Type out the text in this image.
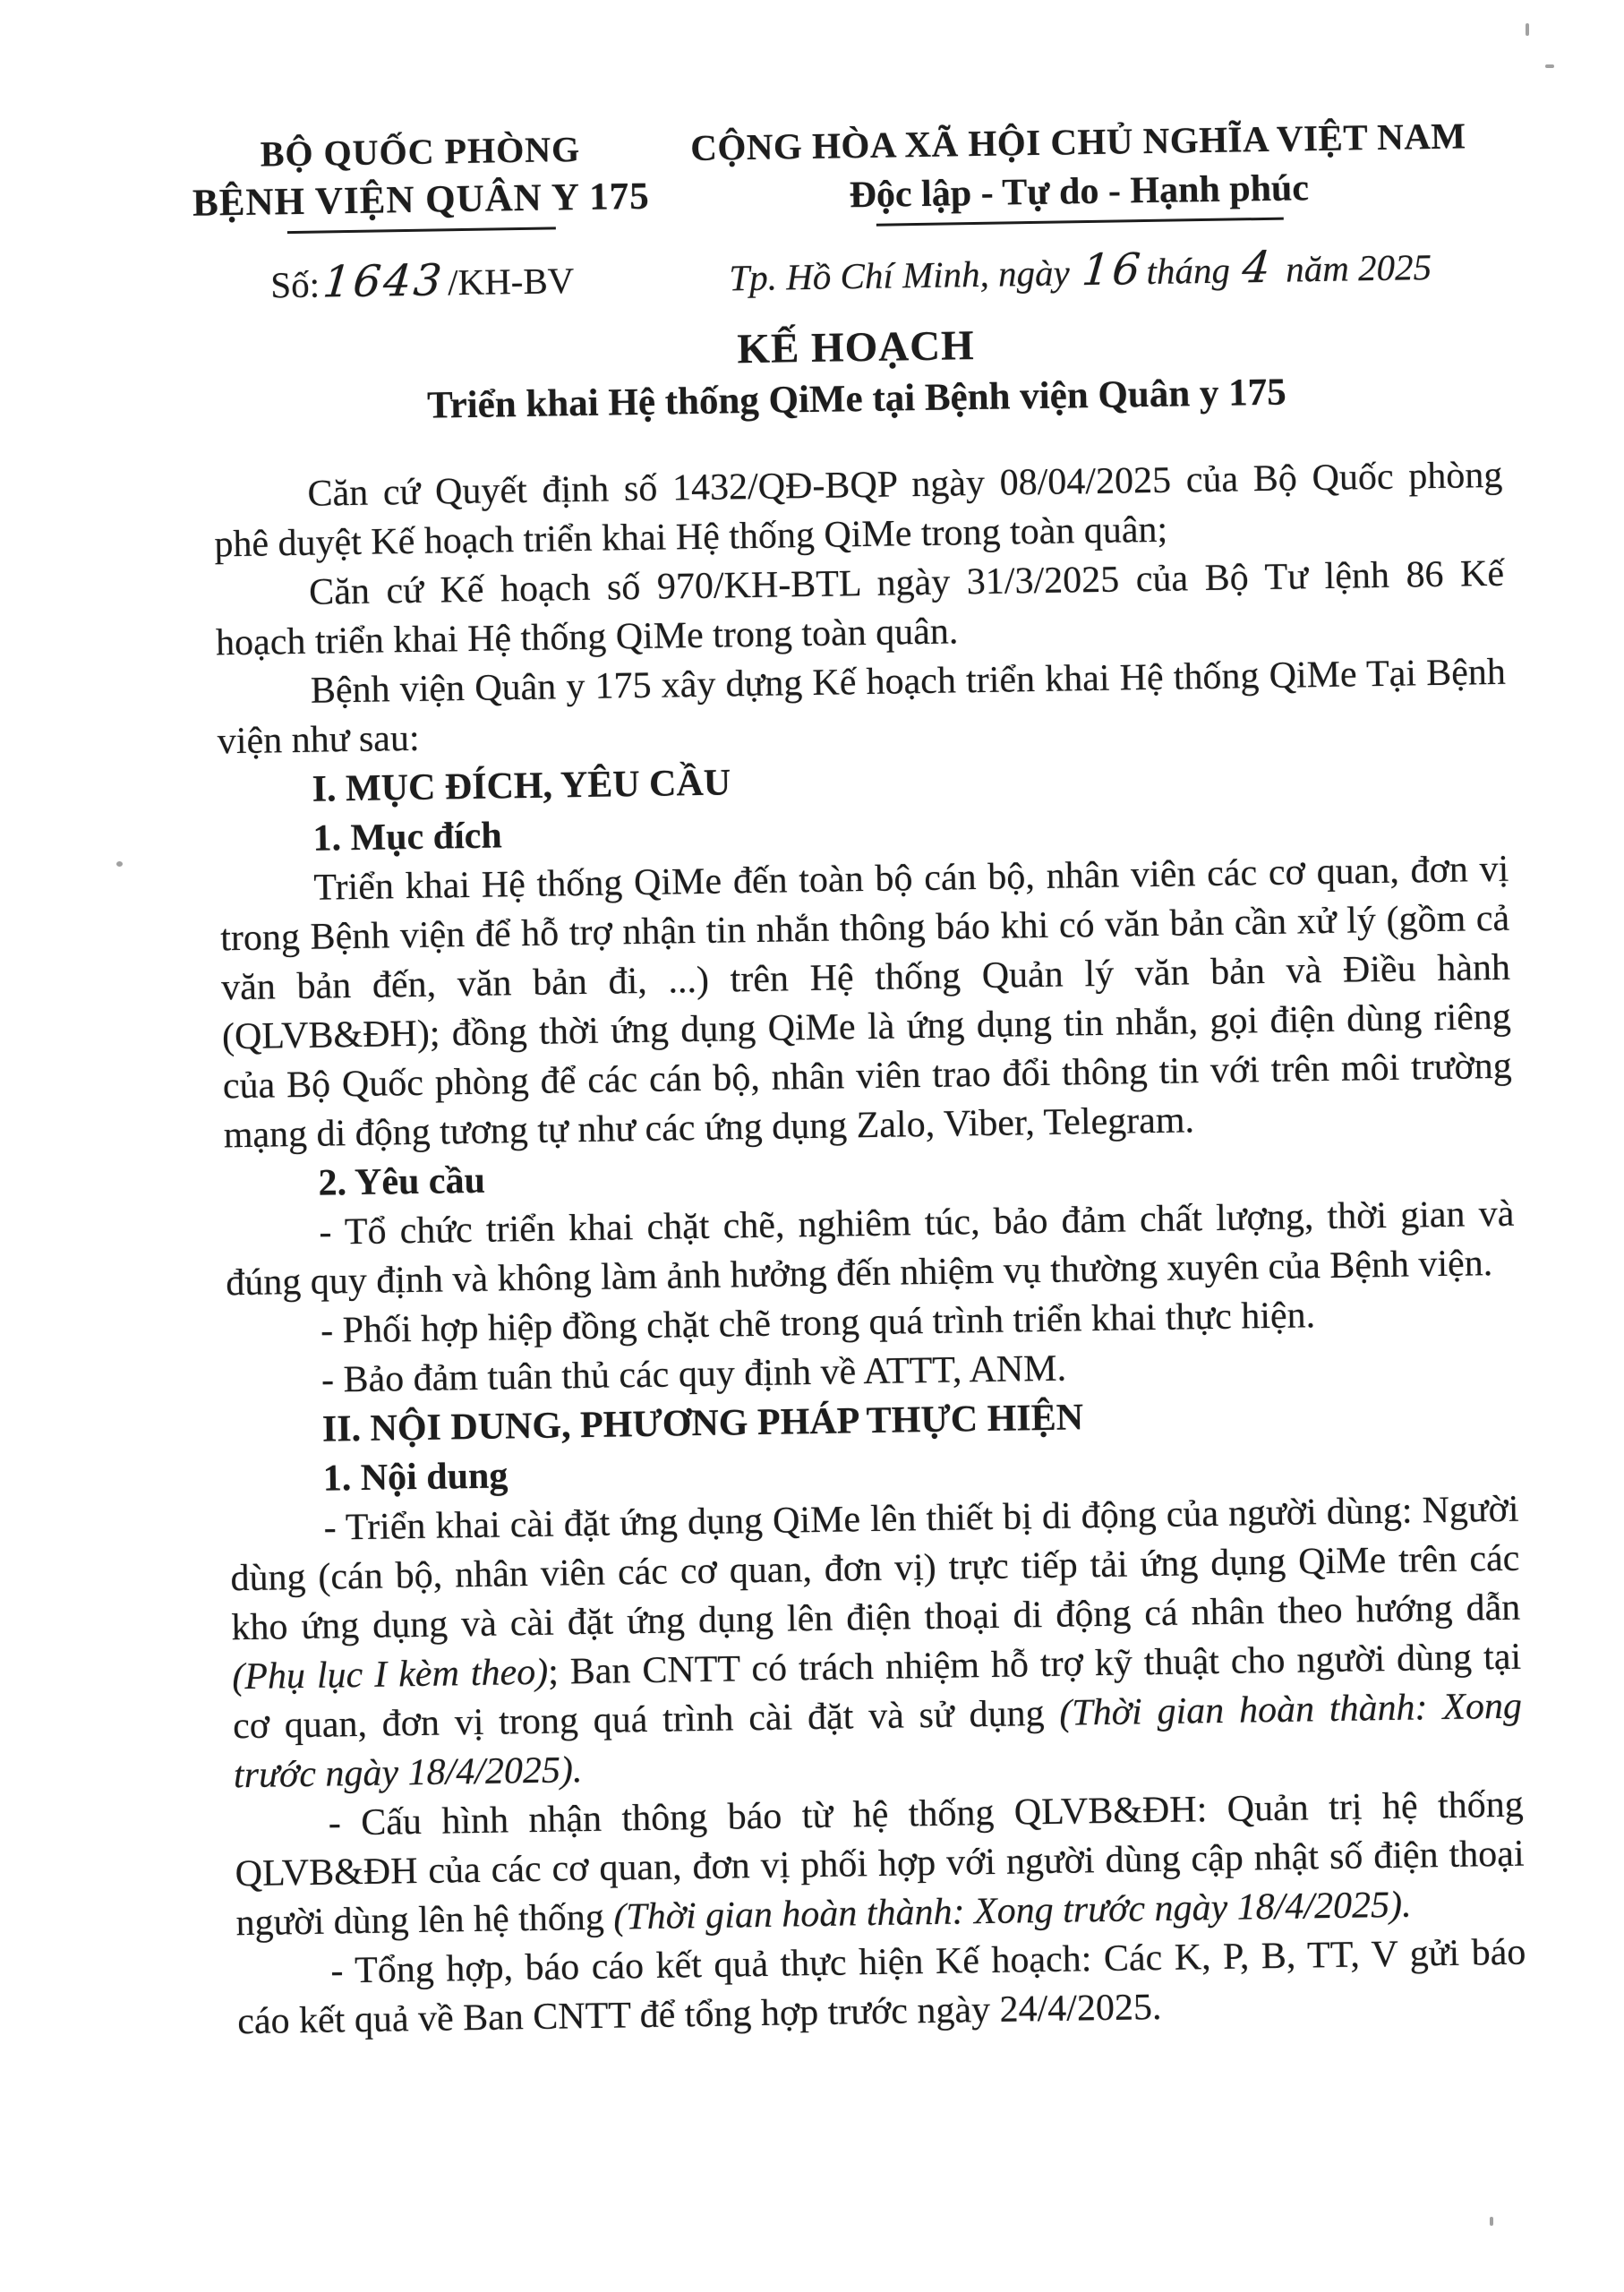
BỘ QUỐC PHÒNG
BỆNH VIỆN QUÂN Y 175
Số:1643/KH-BV
CỘNG HÒA XÃ HỘI CHỦ NGHĨA VIỆT NAM
Độc lập - Tự do - Hạnh phúc
Tp. Hồ Chí Minh, ngày 16tháng 4 năm 2025
KẾ HOẠCH
Triển khai Hệ thống QiMe tại Bệnh viện Quân y 175
Căn cứ Quyết định số 1432/QĐ-BQP ngày 08/04/2025 của Bộ Quốc phòng phê duyệt Kế hoạch triển khai Hệ thống QiMe trong toàn quân;
Căn cứ Kế hoạch số 970/KH-BTL ngày 31/3/2025 của Bộ Tư lệnh 86 Kế hoạch triển khai Hệ thống QiMe trong toàn quân.
Bệnh viện Quân y 175 xây dựng Kế hoạch triển khai Hệ thống QiMe Tại Bệnh viện như sau:
I. MỤC ĐÍCH, YÊU CẦU
1. Mục đích
Triển khai Hệ thống QiMe đến toàn bộ cán bộ, nhân viên các cơ quan, đơn vị trong Bệnh viện để hỗ trợ nhận tin nhắn thông báo khi có văn bản cần xử lý (gồm cả văn bản đến, văn bản đi, ...) trên Hệ thống Quản lý văn bản và Điều hành (QLVB&ĐH); đồng thời ứng dụng QiMe là ứng dụng tin nhắn, gọi điện dùng riêng của Bộ Quốc phòng để các cán bộ, nhân viên trao đổi thông tin với trên môi trường mạng di động tương tự như các ứng dụng Zalo, Viber, Telegram.
2. Yêu cầu
- Tổ chức triển khai chặt chẽ, nghiêm túc, bảo đảm chất lượng, thời gian và đúng quy định và không làm ảnh hưởng đến nhiệm vụ thường xuyên của Bệnh viện.
- Phối hợp hiệp đồng chặt chẽ trong quá trình triển khai thực hiện.
- Bảo đảm tuân thủ các quy định về ATTT, ANM.
II. NỘI DUNG, PHƯƠNG PHÁP THỰC HIỆN
1. Nội dung
- Triển khai cài đặt ứng dụng QiMe lên thiết bị di động của người dùng: Người dùng (cán bộ, nhân viên các cơ quan, đơn vị) trực tiếp tải ứng dụng QiMe trên các kho ứng dụng và cài đặt ứng dụng lên điện thoại di động cá nhân theo hướng dẫn (Phụ lục I kèm theo); Ban CNTT có trách nhiệm hỗ trợ kỹ thuật cho người dùng tại cơ quan, đơn vị trong quá trình cài đặt và sử dụng (Thời gian hoàn thành: Xong trước ngày 18/4/2025).
- Cấu hình nhận thông báo từ hệ thống QLVB&ĐH: Quản trị hệ thống QLVB&ĐH của các cơ quan, đơn vị phối hợp với người dùng cập nhật số điện thoại người dùng lên hệ thống (Thời gian hoàn thành: Xong trước ngày 18/4/2025).
- Tổng hợp, báo cáo kết quả thực hiện Kế hoạch: Các K, P, B, TT, V gửi báo cáo kết quả về Ban CNTT để tổng hợp trước ngày 24/4/2025.
